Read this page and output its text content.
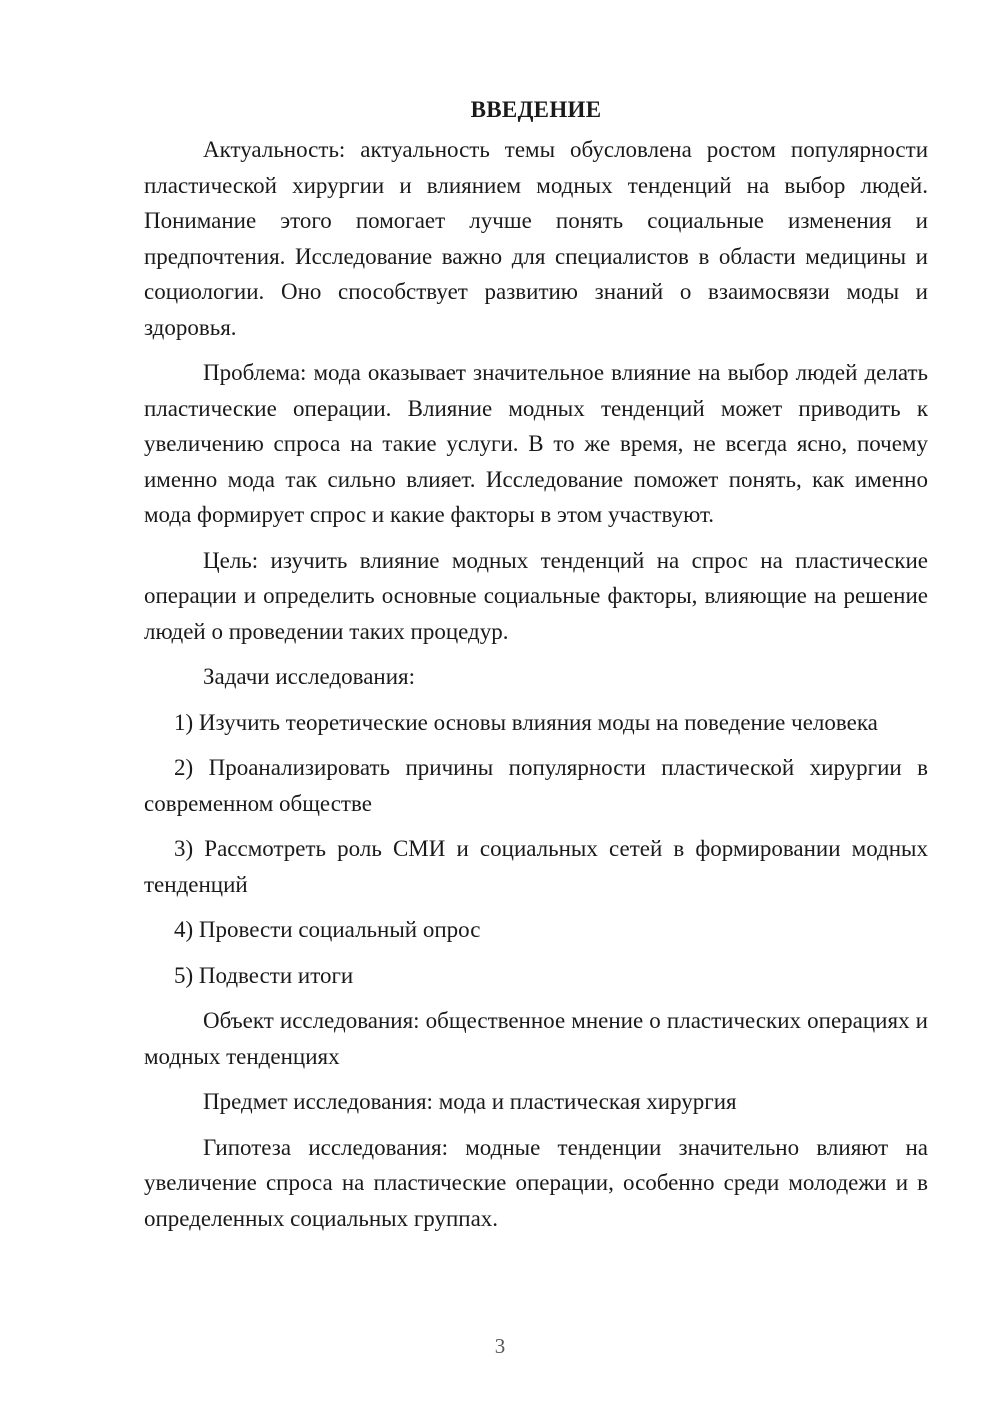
ВВЕДЕНИЕ

Актуальность: актуальность темы обусловлена ростом популярности пластической хирургии и влиянием модных тенденций на выбор людей. Понимание этого помогает лучше понять социальные изменения и предпочтения. Исследование важно для специалистов в области медицины и социологии. Оно способствует развитию знаний о взаимосвязи моды и здоровья.

Проблема: мода оказывает значительное влияние на выбор людей делать пластические операции. Влияние модных тенденций может приводить к увеличению спроса на такие услуги. В то же время, не всегда ясно, почему именно мода так сильно влияет. Исследование поможет понять, как именно мода формирует спрос и какие факторы в этом участвуют.

Цель: изучить влияние модных тенденций на спрос на пластические операции и определить основные социальные факторы, влияющие на решение людей о проведении таких процедур.

Задачи исследования:

1) Изучить теоретические основы влияния моды на поведение человека

2) Проанализировать причины популярности пластической хирургии в современном обществе

3) Рассмотреть роль СМИ и социальных сетей в формировании модных тенденций

4) Провести социальный опрос

5) Подвести итоги

Объект исследования: общественное мнение о пластических операциях и модных тенденциях

Предмет исследования: мода и пластическая хирургия

Гипотеза исследования: модные тенденции значительно влияют на увеличение спроса на пластические операции, особенно среди молодежи и в определенных социальных группах.

3
